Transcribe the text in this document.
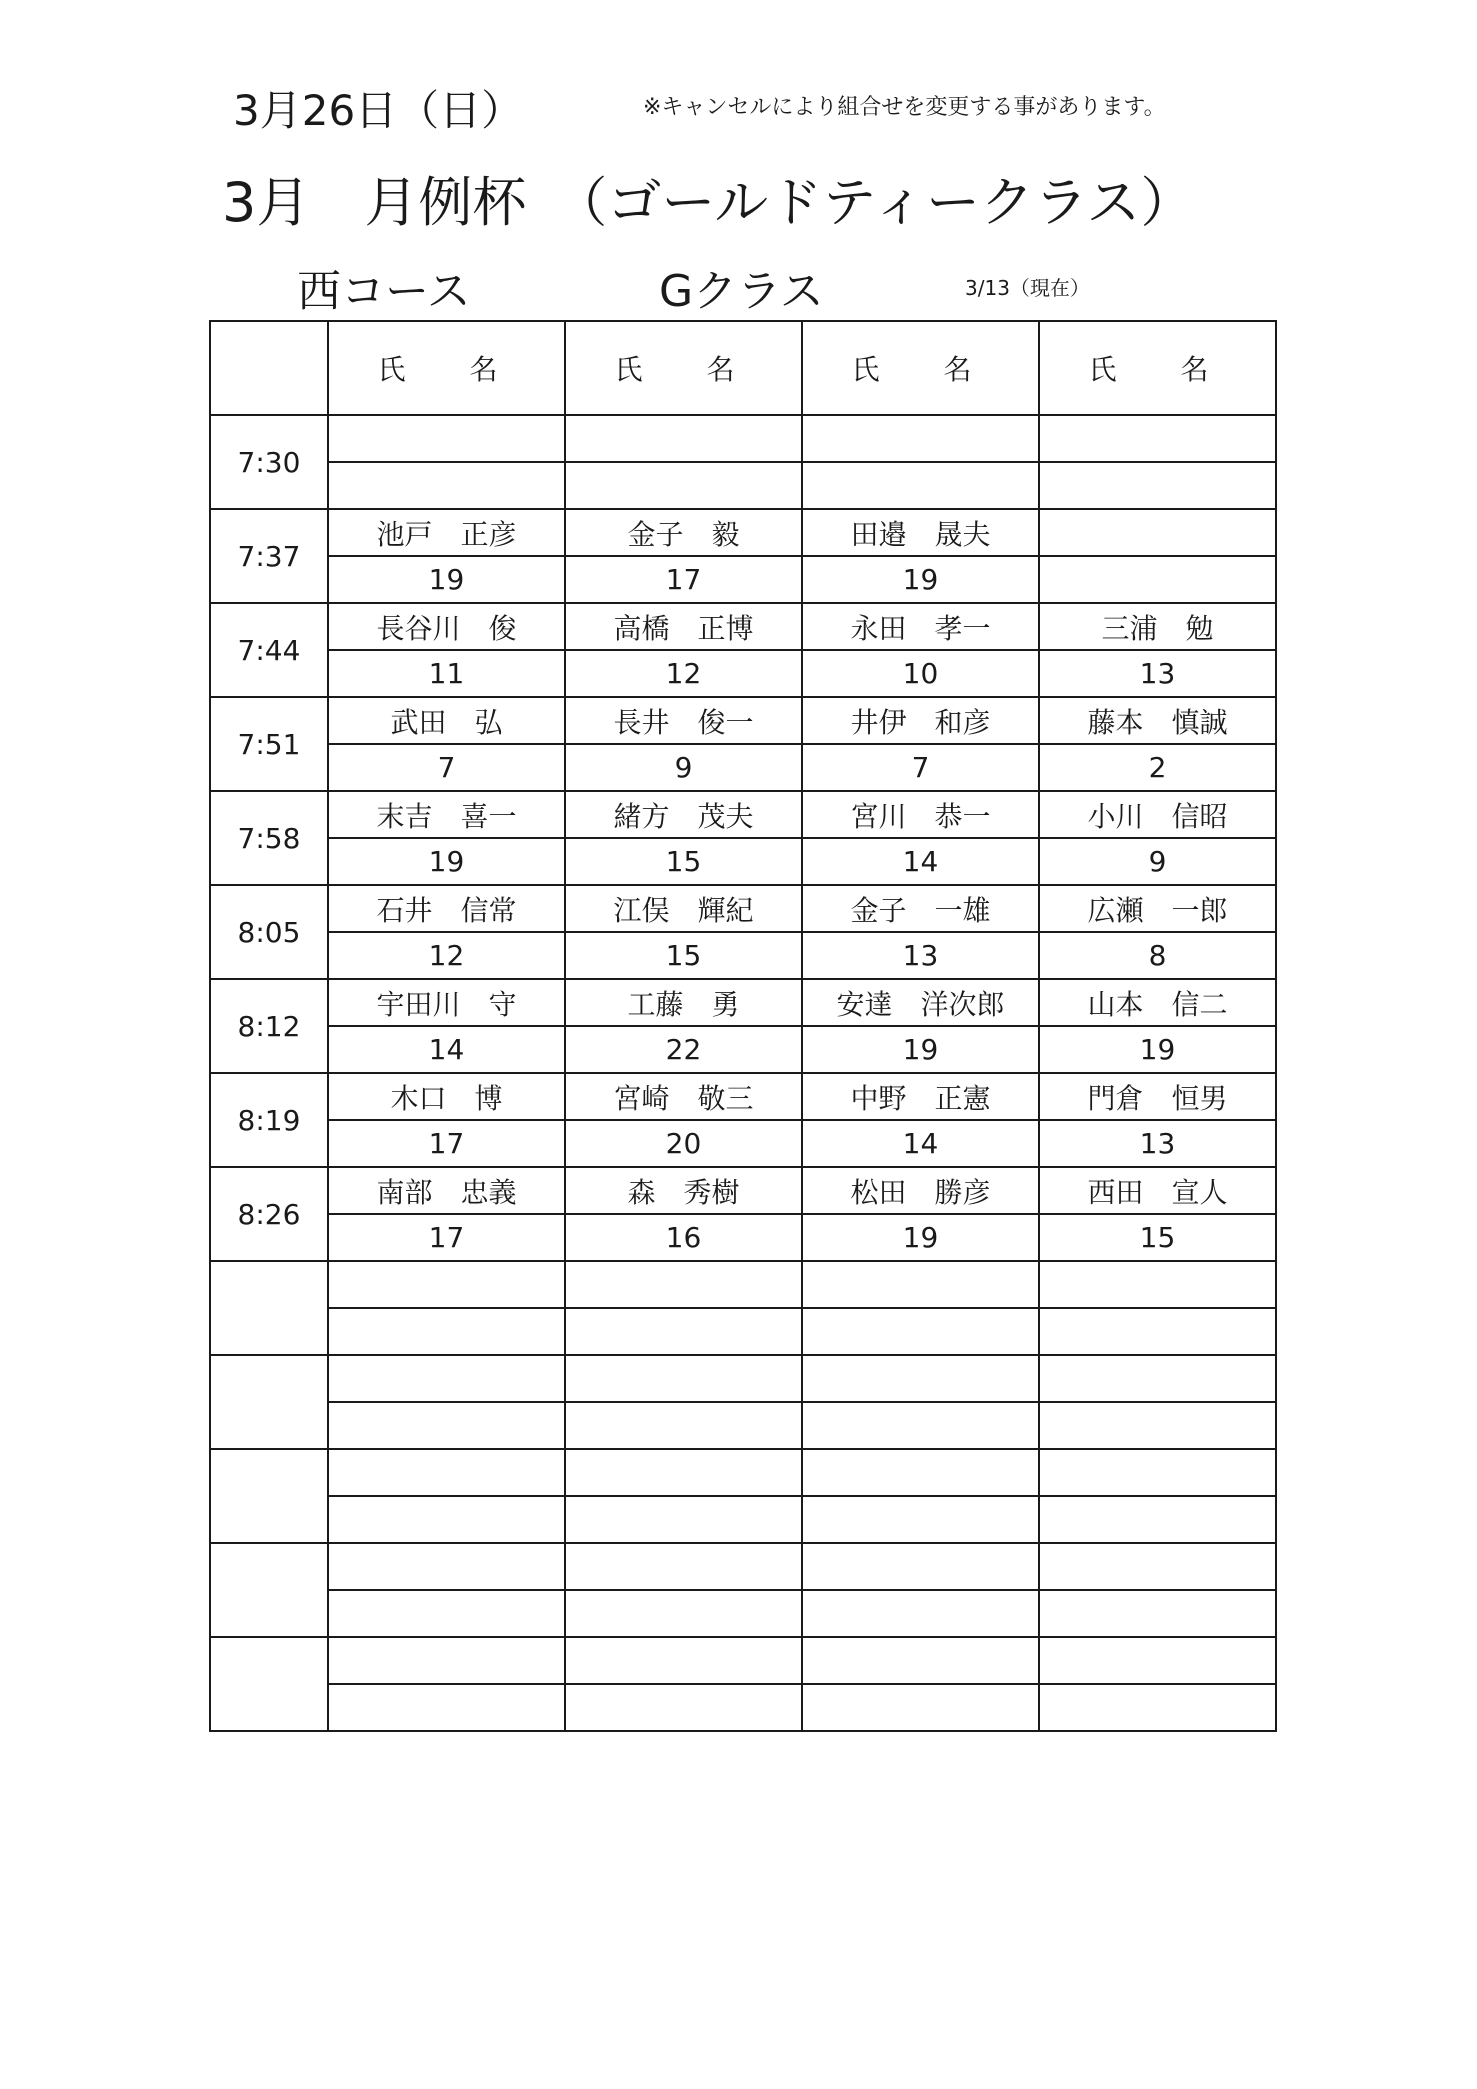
3月26日（日）	※キャンセルにより組合せを変更する事があります。
3月　月例杯　（ゴールドティークラス）
西コース	Gクラス	3/13（現在）
	氏　名	氏　名	氏　名	氏　名
7:30				

7:37	池戸　正彦	金子　毅	田邉　晟夫	
	19	17	19	
7:44	長谷川　俊	高橋　正博	永田　孝一	三浦　勉
	11	12	10	13
7:51	武田　弘	長井　俊一	井伊　和彦	藤本　慎誠
	7	9	7	2
7:58	末吉　喜一	緒方　茂夫	宮川　恭一	小川　信昭
	19	15	14	9
8:05	石井　信常	江俣　輝紀	金子　一雄	広瀬　一郎
	12	15	13	8
8:12	宇田川　守	工藤　勇	安達　洋次郎	山本　信二
	14	22	19	19
8:19	木口　博	宮崎　敬三	中野　正憲	門倉　恒男
	17	20	14	13
8:26	南部　忠義	森　秀樹	松田　勝彦	西田　宣人
	17	16	19	15
